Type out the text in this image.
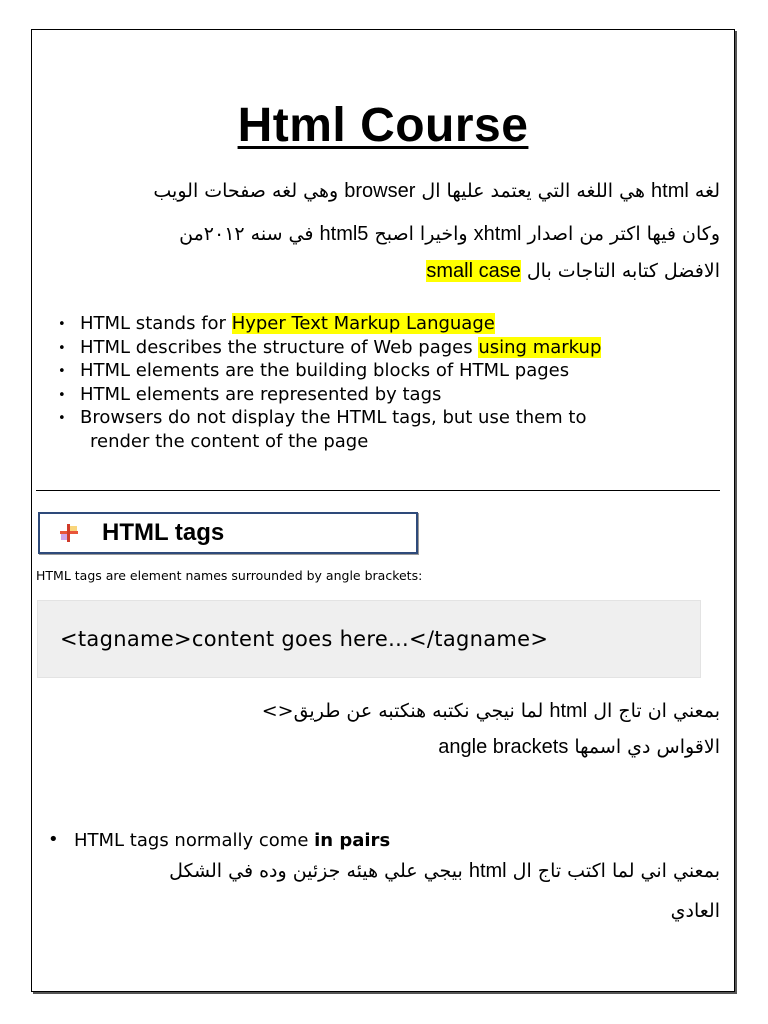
Html Course
لغه html هي اللغه التي يعتمد عليها ال browser وهي لغه صفحات الويب
وكان فيها اكتر من اصدار xhtml واخيرا اصبح html5 في سنه ٢٠١٢من
الافضل كتابه التاجات بال small case
• HTML stands for Hyper Text Markup Language
• HTML describes the structure of Web pages using markup
• HTML elements are the building blocks of HTML pages
• HTML elements are represented by tags
• Browsers do not display the HTML tags, but use them to
render the content of the page
HTML tags
HTML tags are element names surrounded by angle brackets:
<tagname>content goes here...</tagname>
بمعني ان تاج ال html لما نيجي نكتبه هنكتبه عن طريق<>
الاقواس دي اسمها angle brackets
• HTML tags normally come in pairs
بمعني اني لما اكتب تاج ال html بيجي علي هيئه جزئين وده في الشكل
العادي
